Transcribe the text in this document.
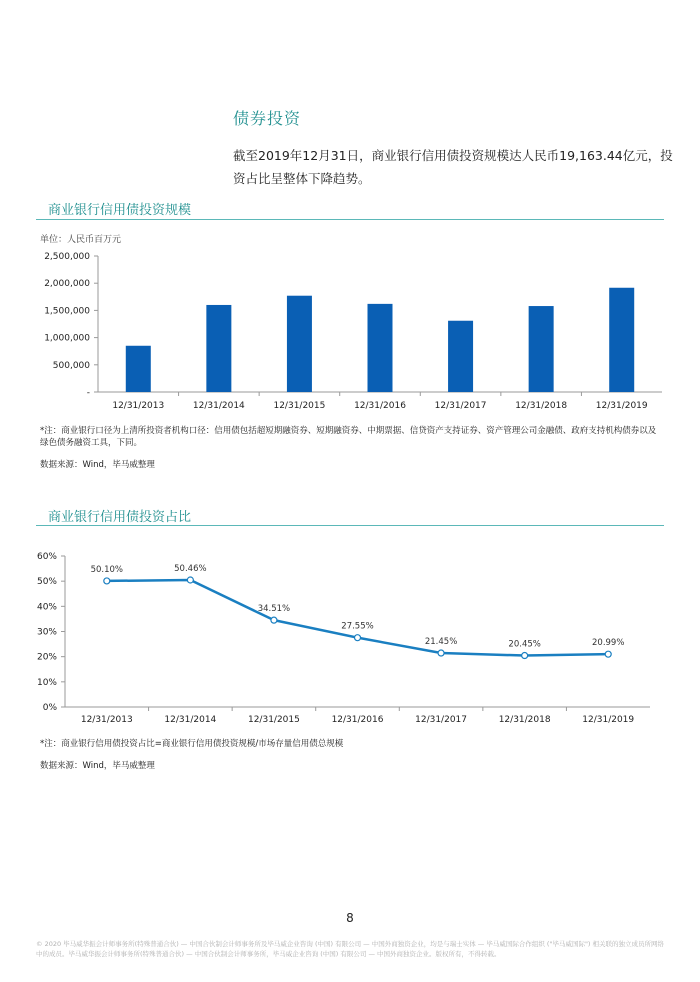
债券投资
截至2019年12月31日，商业银行信用债投资规模达人民币19,163.44亿元，投资占比呈整体下降趋势。
商业银行信用债投资规模
单位：人民币百万元
-
500,000
1,000,000
1,500,000
2,000,000
2,500,000
12/31/2013	12/31/2014	12/31/2015	12/31/2016	12/31/2017	12/31/2018	12/31/2019
*注：商业银行口径为上清所投资者机构口径：信用债包括超短期融资券、短期融资券、中期票据、信贷资产支持证券、资产管理公司金融债、政府支持机构债券以及绿色债务融资工具，下同。
数据来源：Wind，毕马威整理
商业银行信用债投资占比
0%
10%
20%
30%
40%
50%
60%
12/31/2013	12/31/2014	12/31/2015	12/31/2016	12/31/2017	12/31/2018	12/31/2019
50.10%	50.46%
34.51%
27.55%
21.45%	20.45%	20.99%
*注：商业银行信用债投资占比=商业银行信用债投资规模/市场存量信用债总规模
数据来源：Wind，毕马威整理
8
© 2020 毕马威华振会计师事务所(特殊普通合伙) — 中国合伙制会计师事务所及毕马威企业咨询 (中国) 有限公司 — 中国外商独资企业，均是与瑞士实体 — 毕马威国际合作组织 ("毕马威国际") 相关联的独立成员所网络中的成员。毕马威华振会计师事务所(特殊普通合伙) — 中国合伙制会计师事务所，毕马威企业咨询 (中国) 有限公司 — 中国外商独资企业。版权所有，不得转载。
